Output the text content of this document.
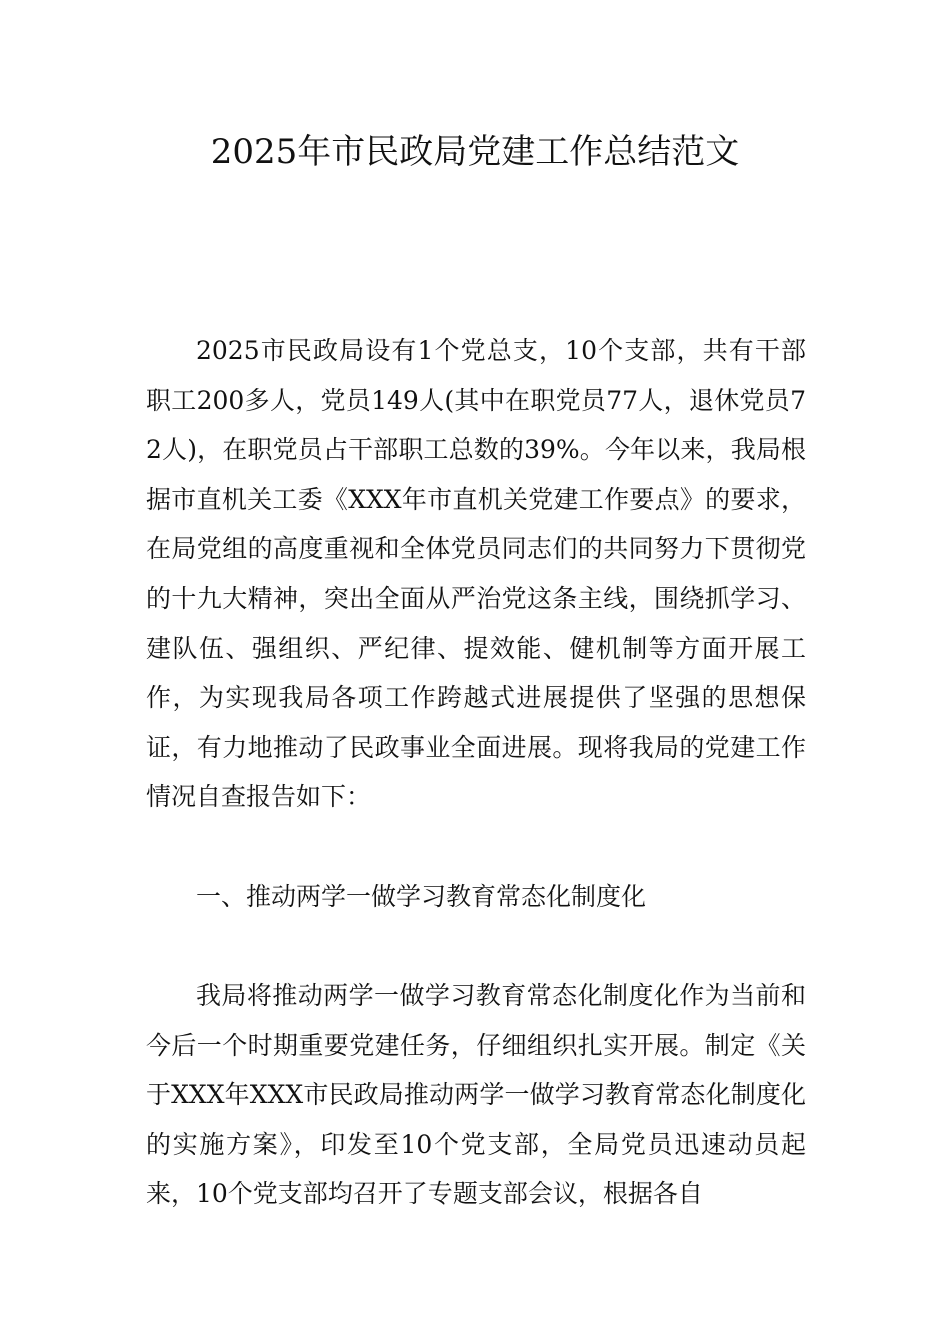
2025年市民政局党建工作总结范文

2025市民政局设有1个党总支，10个支部，共有干部职工200多人，党员149人(其中在职党员77人，退休党员72人)，在职党员占干部职工总数的39%。今年以来，我局根据市直机关工委《XXX年市直机关党建工作要点》的要求，在局党组的高度重视和全体党员同志们的共同努力下贯彻党的十九大精神，突出全面从严治党这条主线，围绕抓学习、建队伍、强组织、严纪律、提效能、健机制等方面开展工作，为实现我局各项工作跨越式进展提供了坚强的思想保证，有力地推动了民政事业全面进展。现将我局的党建工作情况自查报告如下：

一、推动两学一做学习教育常态化制度化

我局将推动两学一做学习教育常态化制度化作为当前和今后一个时期重要党建任务，仔细组织扎实开展。制定《关于XXX年XXX市民政局推动两学一做学习教育常态化制度化的实施方案》，印发至10个党支部，全局党员迅速动员起来，10个党支部均召开了专题支部会议，根据各自
